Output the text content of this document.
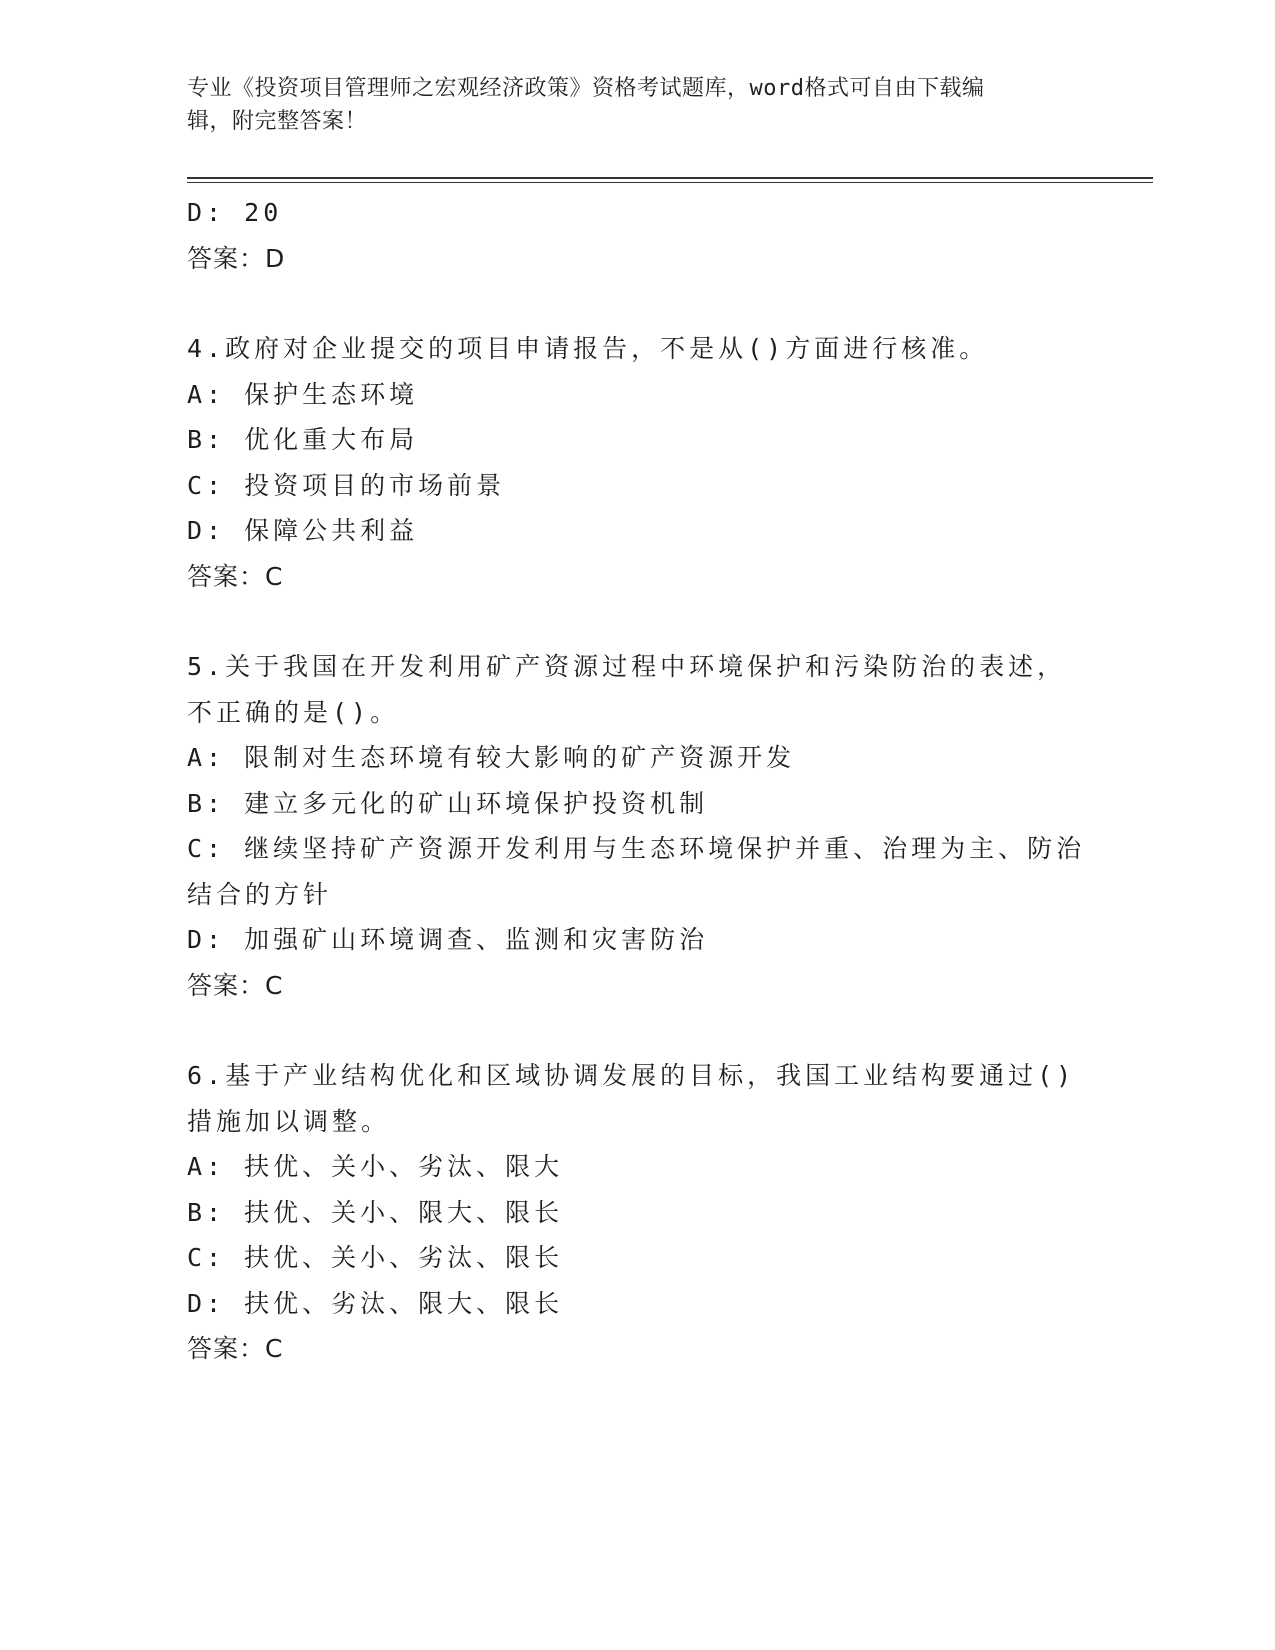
专业《投资项目管理师之宏观经济政策》资格考试题库，word格式可自由下载编
辑，附完整答案！
D: 20
答案：D
4.政府对企业提交的项目申请报告，不是从()方面进行核准。
A: 保护生态环境
B: 优化重大布局
C: 投资项目的市场前景
D: 保障公共利益
答案：C
5.关于我国在开发利用矿产资源过程中环境保护和污染防治的表述，
不正确的是()。
A: 限制对生态环境有较大影响的矿产资源开发
B: 建立多元化的矿山环境保护投资机制
C: 继续坚持矿产资源开发利用与生态环境保护并重、治理为主、防治
结合的方针
D: 加强矿山环境调查、监测和灾害防治
答案：C
6.基于产业结构优化和区域协调发展的目标，我国工业结构要通过()
措施加以调整。
A: 扶优、关小、劣汰、限大
B: 扶优、关小、限大、限长
C: 扶优、关小、劣汰、限长
D: 扶优、劣汰、限大、限长
答案：C
